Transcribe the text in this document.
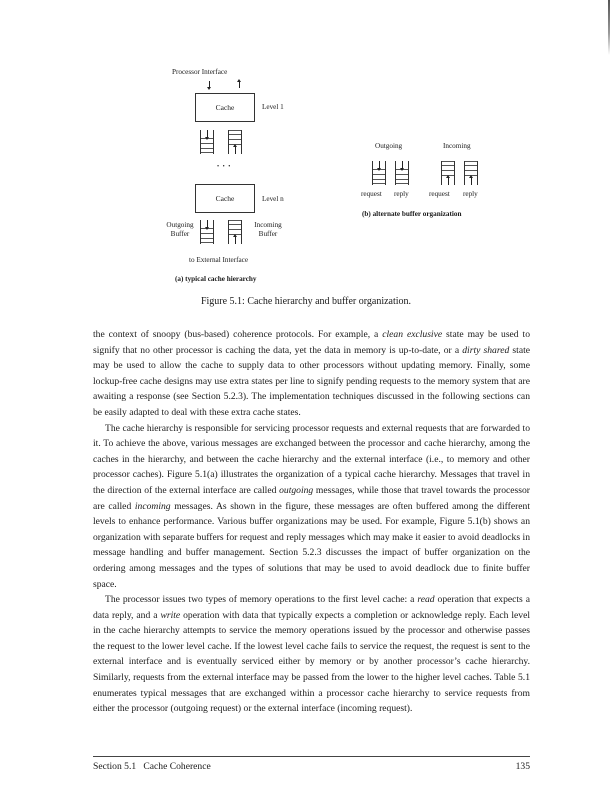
Processor Interface
Cache	Level 1
• • •
Cache	Level n
Outgoing
Buffer
Incoming
Buffer
to External Interface
(a) typical cache hierarchy
Outgoing	Incoming
request reply	request reply
(b) alternate buffer organization
Figure 5.1: Cache hierarchy and buffer organization.

the context of snoopy (bus-based) coherence protocols. For example, a clean exclusive state may be used to signify that no other processor is caching the data, yet the data in memory is up-to-date, or a dirty shared state may be used to allow the cache to supply data to other processors without updating memory. Finally, some lockup-free cache designs may use extra states per line to signify pending requests to the memory system that are awaiting a response (see Section 5.2.3). The implementation techniques discussed in the following sections can be easily adapted to deal with these extra cache states.

The cache hierarchy is responsible for servicing processor requests and external requests that are forwarded to it. To achieve the above, various messages are exchanged between the processor and cache hierarchy, among the caches in the hierarchy, and between the cache hierarchy and the external interface (i.e., to memory and other processor caches). Figure 5.1(a) illustrates the organization of a typical cache hierarchy. Messages that travel in the direction of the external interface are called outgoing messages, while those that travel towards the processor are called incoming messages. As shown in the figure, these messages are often buffered among the different levels to enhance performance. Various buffer organizations may be used. For example, Figure 5.1(b) shows an organization with separate buffers for request and reply messages which may make it easier to avoid deadlocks in message handling and buffer management. Section 5.2.3 discusses the impact of buffer organization on the ordering among messages and the types of solutions that may be used to avoid deadlock due to finite buffer space.

The processor issues two types of memory operations to the first level cache: a read operation that expects a data reply, and a write operation with data that typically expects a completion or acknowledge reply. Each level in the cache hierarchy attempts to service the memory operations issued by the processor and otherwise passes the request to the lower level cache. If the lowest level cache fails to service the request, the request is sent to the external interface and is eventually serviced either by memory or by another processor’s cache hierarchy. Similarly, requests from the external interface may be passed from the lower to the higher level caches. Table 5.1 enumerates typical messages that are exchanged within a processor cache hierarchy to service requests from either the processor (outgoing request) or the external interface (incoming request).

Section 5.1   Cache Coherence	135
